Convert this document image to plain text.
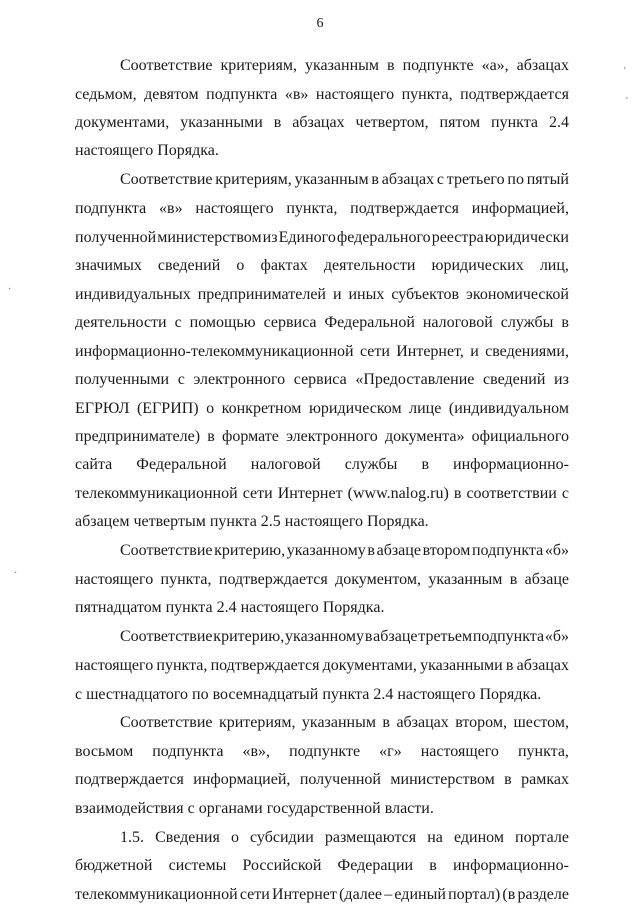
6
Соответствие критериям, указанным в подпункте «а», абзацах
седьмом, девятом подпункта «в» настоящего пункта, подтверждается
документами, указанными в абзацах четвертом, пятом пункта 2.4
настоящего Порядка.
Соответствие критериям, указанным в абзацах с третьего по пятый
подпункта «в» настоящего пункта, подтверждается информацией,
полученной министерством из Единого федерального реестра юридически
значимых сведений о фактах деятельности юридических лиц,
индивидуальных предпринимателей и иных субъектов экономической
деятельности с помощью сервиса Федеральной налоговой службы в
информационно-телекоммуникационной сети Интернет, и сведениями,
полученными с электронного сервиса «Предоставление сведений из
ЕГРЮЛ (ЕГРИП) о конкретном юридическом лице (индивидуальном
предпринимателе) в формате электронного документа» официального
сайта Федеральной налоговой службы в информационно-
телекоммуникационной сети Интернет (www.nalog.ru) в соответствии с
абзацем четвертым пункта 2.5 настоящего Порядка.
Соответствие критерию, указанному в абзаце втором подпункта «б»
настоящего пункта, подтверждается документом, указанным в абзаце
пятнадцатом пункта 2.4 настоящего Порядка.
Соответствие критерию, указанному в абзаце третьем подпункта «б»
настоящего пункта, подтверждается документами, указанными в абзацах
с шестнадцатого по восемнадцатый пункта 2.4 настоящего Порядка.
Соответствие критериям, указанным в абзацах втором, шестом,
восьмом подпункта «в», подпункте «г» настоящего пункта,
подтверждается информацией, полученной министерством в рамках
взаимодействия с органами государственной власти.
1.5. Сведения о субсидии размещаются на едином портале
бюджетной системы Российской Федерации в информационно-
телекоммуникационной сети Интернет (далее – единый портал) (в разделе
·
·
'
'
